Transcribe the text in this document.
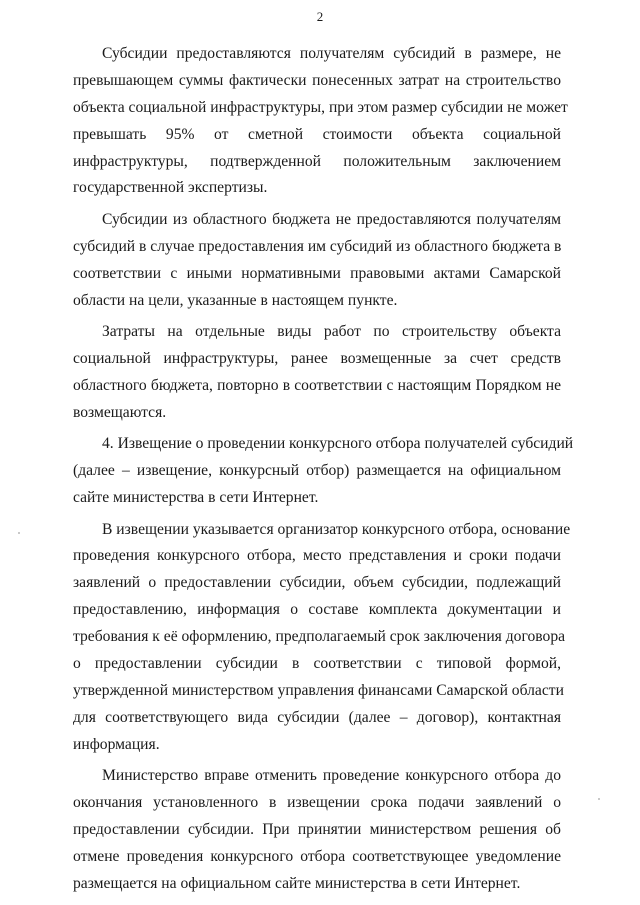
2
Субсидии предоставляются получателям субсидий в размере, не
превышающем суммы фактически понесенных затрат на строительство
объекта социальной инфраструктуры, при этом размер субсидии не может
превышать 95% от сметной стоимости объекта социальной
инфраструктуры, подтвержденной положительным заключением
государственной экспертизы.
Субсидии из областного бюджета не предоставляются получателям
субсидий в случае предоставления им субсидий из областного бюджета в
соответствии с иными нормативными правовыми актами Самарской
области на цели, указанные в настоящем пункте.
Затраты на отдельные виды работ по строительству объекта
социальной инфраструктуры, ранее возмещенные за счет средств
областного бюджета, повторно в соответствии с настоящим Порядком не
возмещаются.
4. Извещение о проведении конкурсного отбора получателей субсидий
(далее – извещение, конкурсный отбор) размещается на официальном
сайте министерства в сети Интернет.
В извещении указывается организатор конкурсного отбора, основание
проведения конкурсного отбора, место представления и сроки подачи
заявлений о предоставлении субсидии, объем субсидии, подлежащий
предоставлению, информация о составе комплекта документации и
требования к её оформлению, предполагаемый срок заключения договора
о предоставлении субсидии в соответствии с типовой формой,
утвержденной министерством управления финансами Самарской области
для соответствующего вида субсидии (далее – договор), контактная
информация.
Министерство вправе отменить проведение конкурсного отбора до
окончания установленного в извещении срока подачи заявлений о
предоставлении субсидии. При принятии министерством решения об
отмене проведения конкурсного отбора соответствующее уведомление
размещается на официальном сайте министерства в сети Интернет.
